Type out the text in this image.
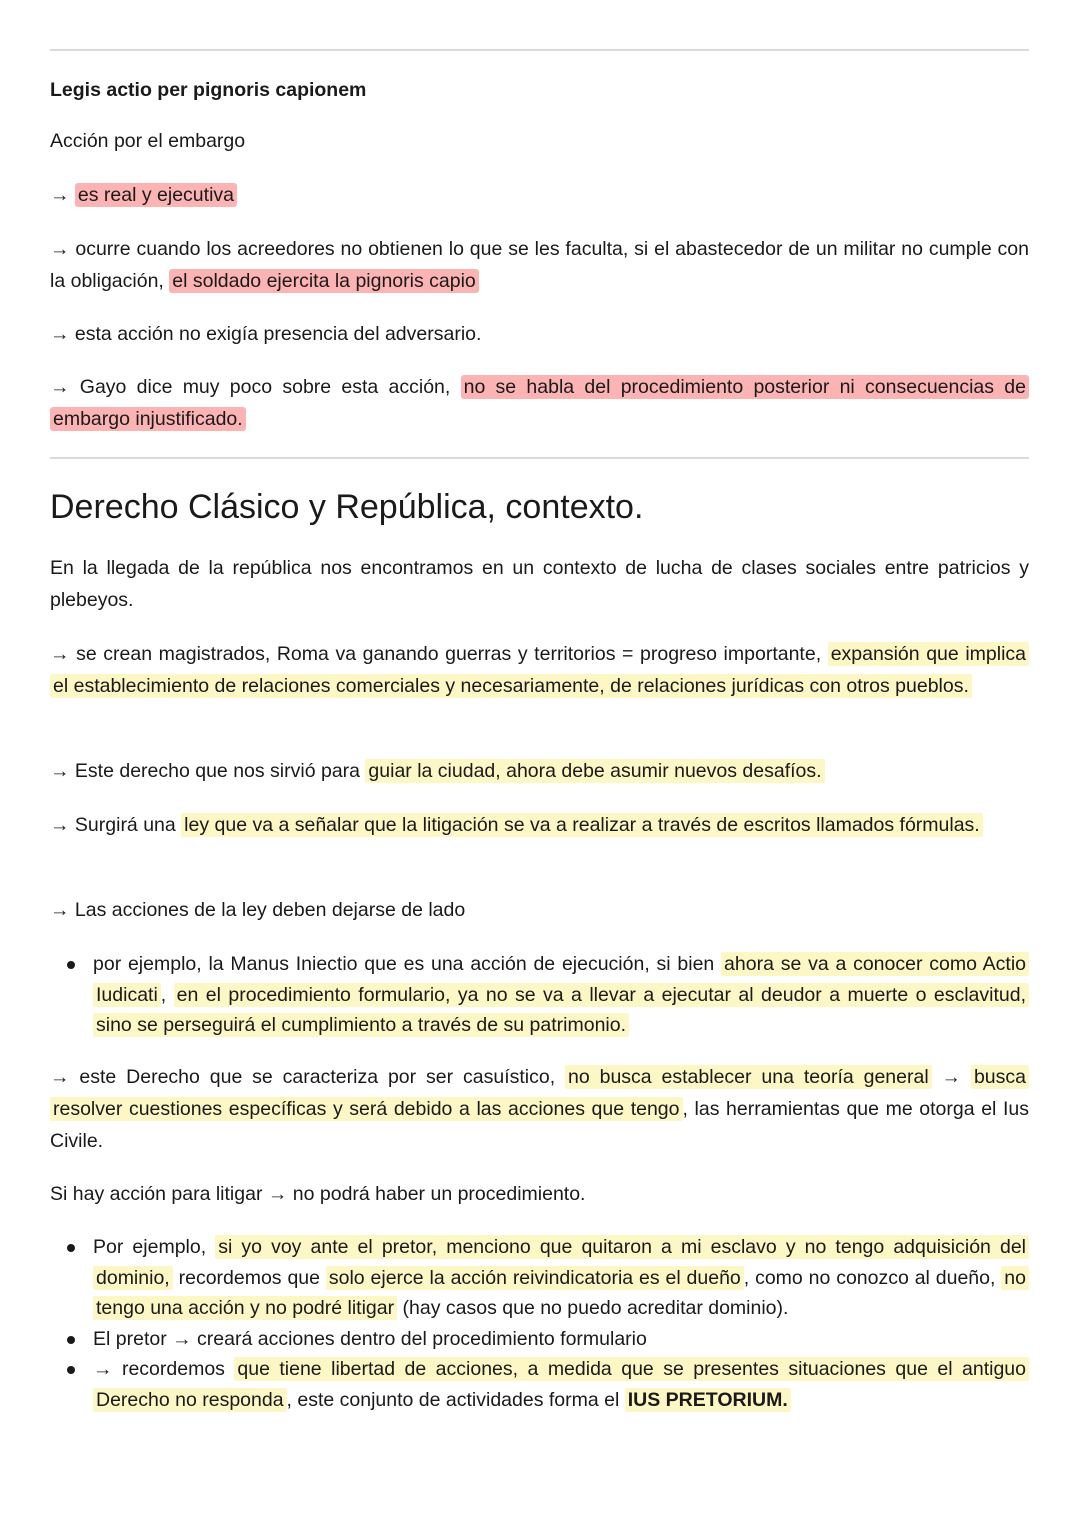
Legis actio per pignoris capionem
Acción por el embargo
→ es real y ejecutiva
→ ocurre cuando los acreedores no obtienen lo que se les faculta, si el abastecedor de un militar no cumple con la obligación, el soldado ejercita la pignoris capio
→ esta acción no exigía presencia del adversario.
→ Gayo dice muy poco sobre esta acción, no se habla del procedimiento posterior ni consecuencias de embargo injustificado.
Derecho Clásico y República, contexto.
En la llegada de la república nos encontramos en un contexto de lucha de clases sociales entre patricios y plebeyos.
→ se crean magistrados, Roma va ganando guerras y territorios = progreso importante, expansión que implica el establecimiento de relaciones comerciales y necesariamente, de relaciones jurídicas con otros pueblos.
→ Este derecho que nos sirvió para guiar la ciudad, ahora debe asumir nuevos desafíos.
→ Surgirá una ley que va a señalar que la litigación se va a realizar a través de escritos llamados fórmulas.
→ Las acciones de la ley deben dejarse de lado
por ejemplo, la Manus Iniectio que es una acción de ejecución, si bien ahora se va a conocer como Actio Iudicati , en el procedimiento formulario, ya no se va a llevar a ejecutar al deudor a muerte o esclavitud, sino se perseguirá el cumplimiento a través de su patrimonio.
→ este Derecho que se caracteriza por ser casuístico, no busca establecer una teoría general → busca resolver cuestiones específicas y será debido a las acciones que tengo , las herramientas que me otorga el Ius Civile.
Si hay acción para litigar → no podrá haber un procedimiento.
Por ejemplo, si yo voy ante el pretor, menciono que quitaron a mi esclavo y no tengo adquisición del dominio, recordemos que solo ejerce la acción reivindicatoria es el dueño , como no conozco al dueño, no tengo una acción y no podré litigar (hay casos que no puedo acreditar dominio).
El pretor → creará acciones dentro del procedimiento formulario
→ recordemos que tiene libertad de acciones, a medida que se presentes situaciones que el antiguo Derecho no responda , este conjunto de actividades forma el IUS PRETORIUM.
